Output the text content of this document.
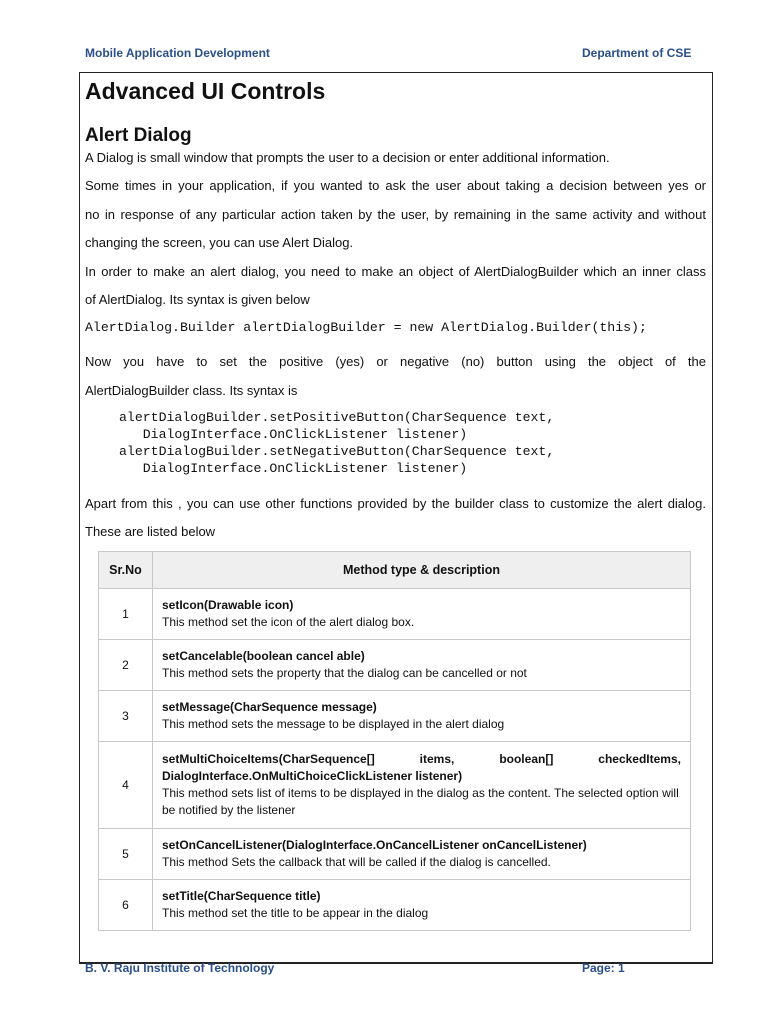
Mobile Application Development	Department of CSE
Advanced UI Controls
Alert Dialog

A Dialog is small window that prompts the user to a decision or enter additional information.

Some times in your application, if you wanted to ask the user about taking a decision between yes or

no in response of any particular action taken by the user, by remaining in the same activity and without

changing the screen, you can use Alert Dialog.

In order to make an alert dialog, you need to make an object of AlertDialogBuilder which an inner class

of AlertDialog. Its syntax is given below

AlertDialog.Builder alertDialogBuilder = new AlertDialog.Builder(this);

Now you have to set the positive (yes) or negative (no) button using the object of the

AlertDialogBuilder class. Its syntax is

alertDialogBuilder.setPositiveButton(CharSequence text,
DialogInterface.OnClickListener listener)
alertDialogBuilder.setNegativeButton(CharSequence text,
DialogInterface.OnClickListener listener)

Apart from this , you can use other functions provided by the builder class to customize the alert dialog.

These are listed below

Sr.No	Method type & description
1	setIcon(Drawable icon)
This method set the icon of the alert dialog box.

2	setCancelable(boolean cancel able)
This method sets the property that the dialog can be cancelled or not

3	setMessage(CharSequence message)
This method sets the message to be displayed in the alert dialog

4	setMultiChoiceItems(CharSequence[] items, boolean[] checkedItems,
DialogInterface.OnMultiChoiceClickListener listener)
This method sets list of items to be displayed in the dialog as the content. The selected option will be notified by the listener

5	setOnCancelListener(DialogInterface.OnCancelListener onCancelListener)
This method Sets the callback that will be called if the dialog is cancelled.

6	setTitle(CharSequence title)
This method set the title to be appear in the dialog
B. V. Raju Institute of Technology	Page: 1
